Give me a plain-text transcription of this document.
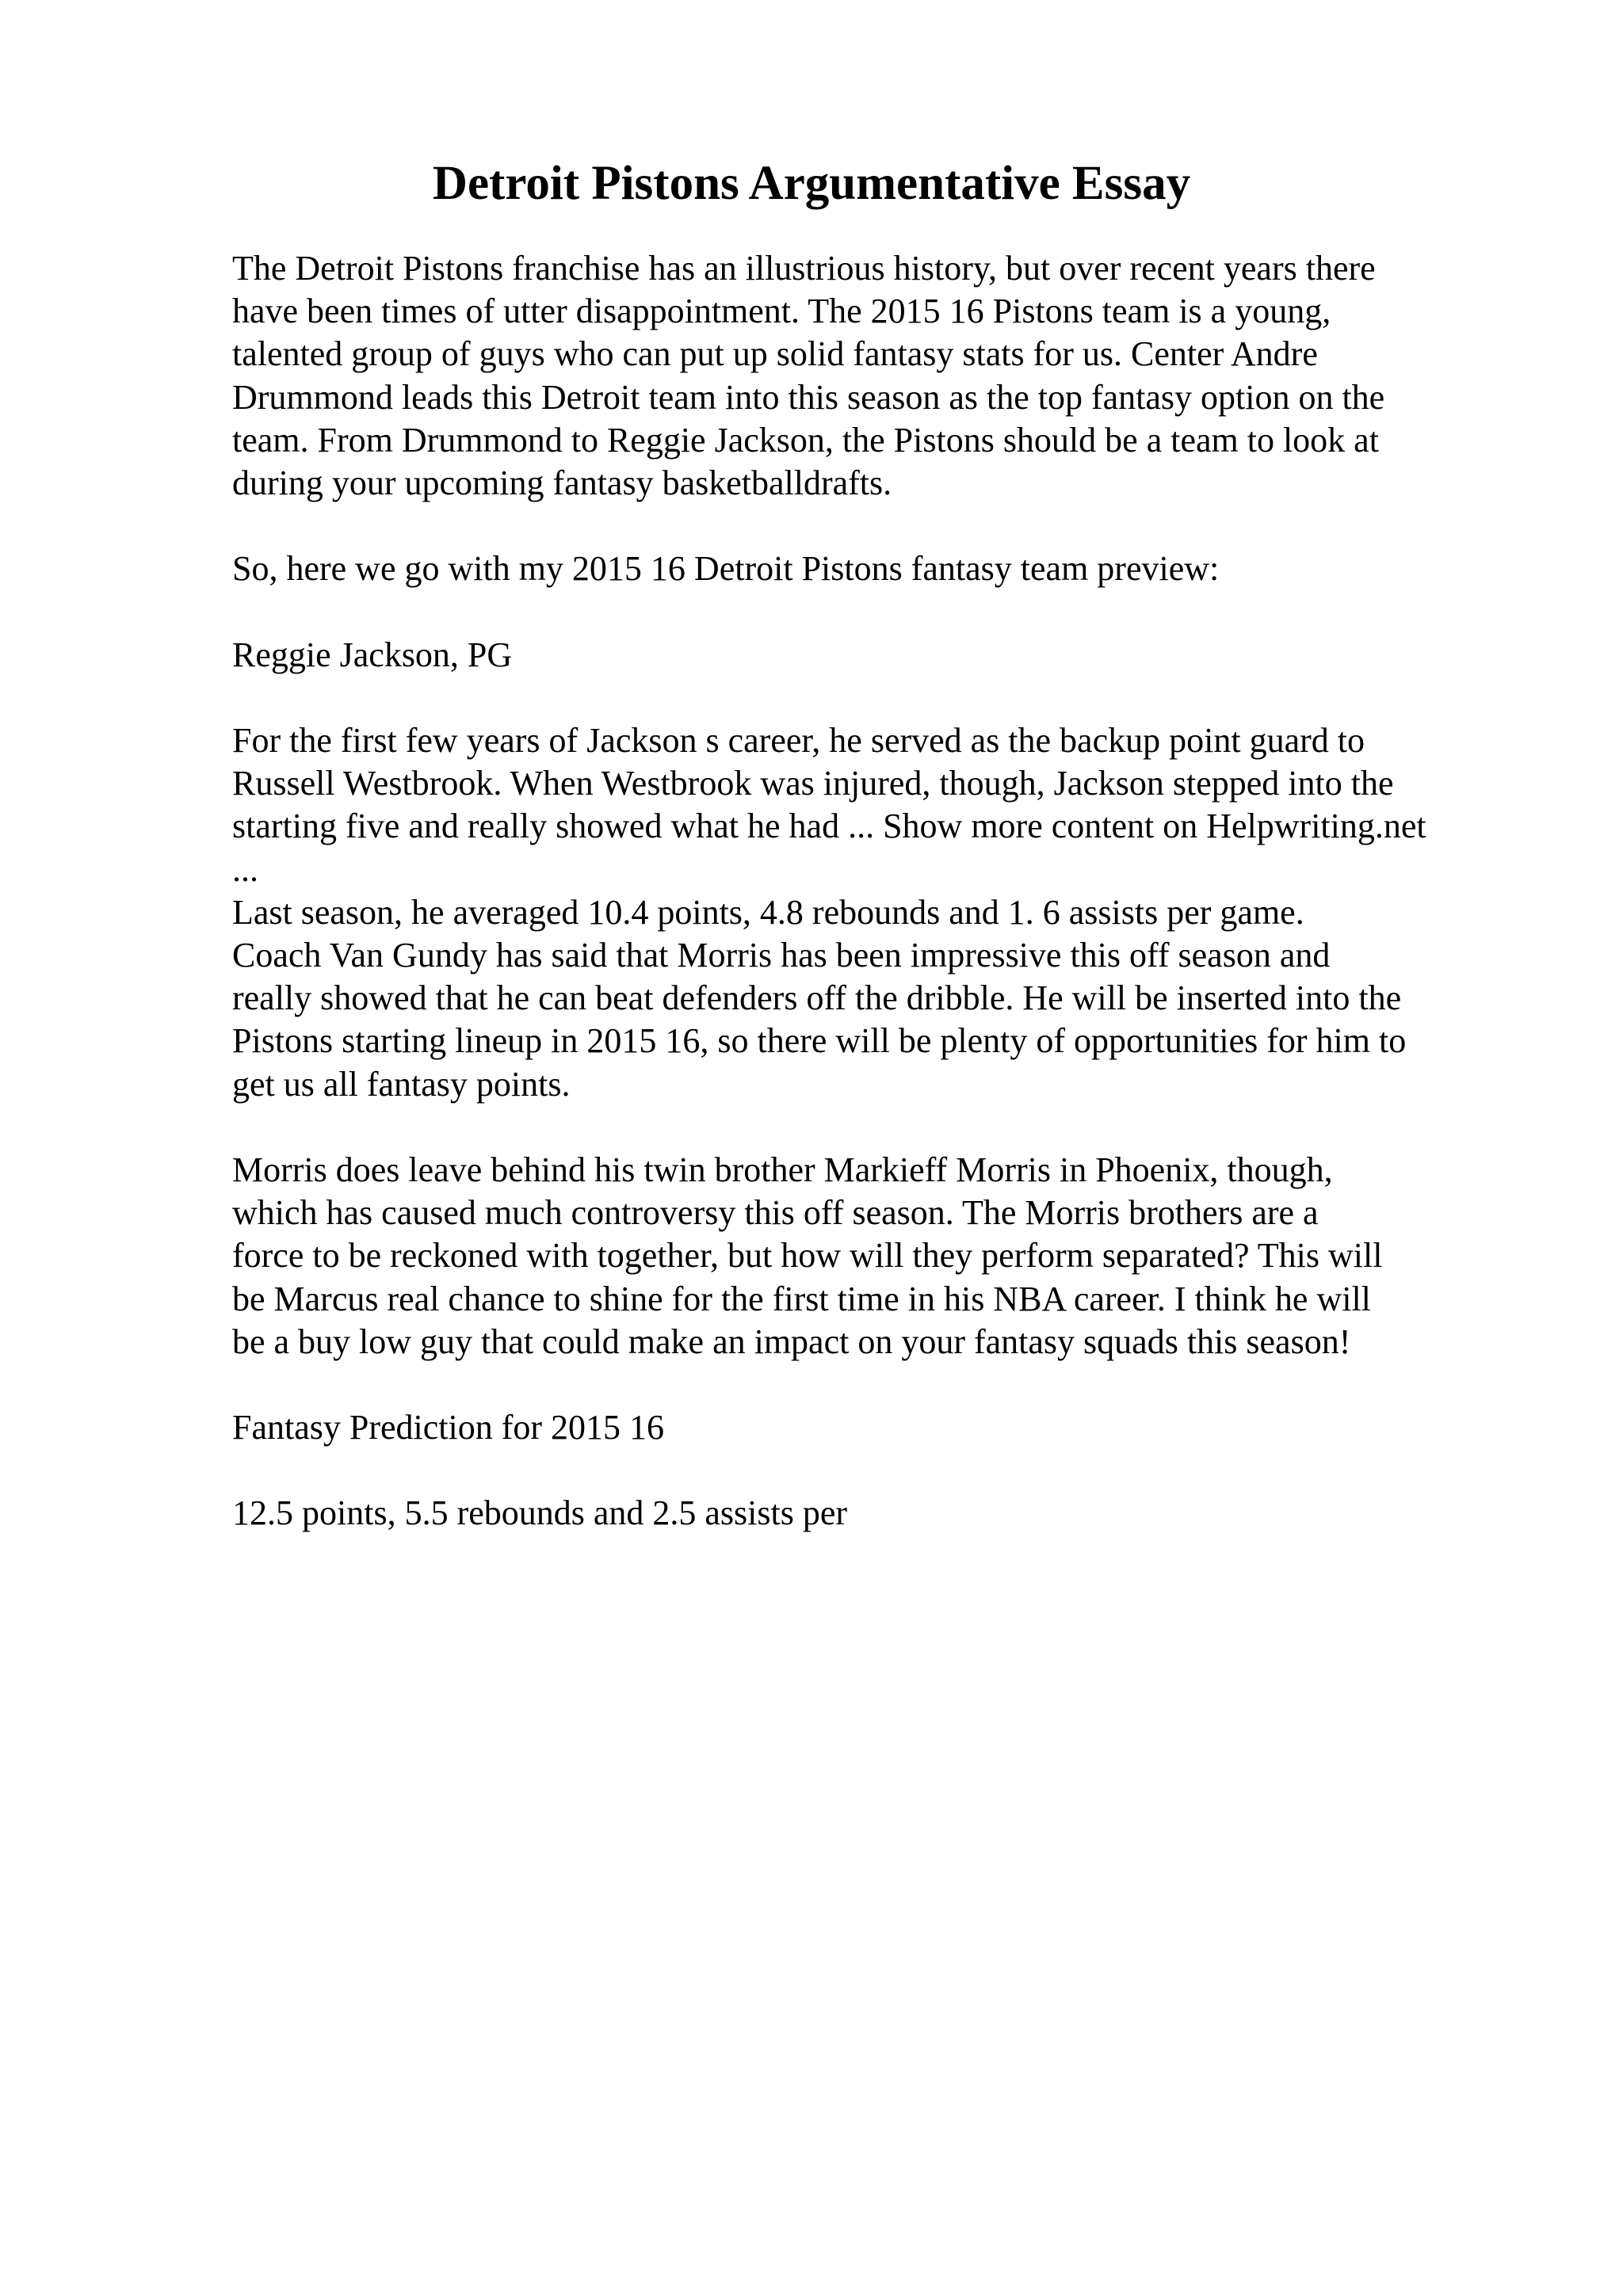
Detroit Pistons Argumentative Essay
The Detroit Pistons franchise has an illustrious history, but over recent years there
have been times of utter disappointment. The 2015 16 Pistons team is a young,
talented group of guys who can put up solid fantasy stats for us. Center Andre
Drummond leads this Detroit team into this season as the top fantasy option on the
team. From Drummond to Reggie Jackson, the Pistons should be a team to look at
during your upcoming fantasy basketballdrafts.
So, here we go with my 2015 16 Detroit Pistons fantasy team preview:
Reggie Jackson, PG
For the first few years of Jackson s career, he served as the backup point guard to
Russell Westbrook. When Westbrook was injured, though, Jackson stepped into the
starting five and really showed what he had ... Show more content on Helpwriting.net
...
Last season, he averaged 10.4 points, 4.8 rebounds and 1. 6 assists per game.
Coach Van Gundy has said that Morris has been impressive this off season and
really showed that he can beat defenders off the dribble. He will be inserted into the
Pistons starting lineup in 2015 16, so there will be plenty of opportunities for him to
get us all fantasy points.
Morris does leave behind his twin brother Markieff Morris in Phoenix, though,
which has caused much controversy this off season. The Morris brothers are a
force to be reckoned with together, but how will they perform separated? This will
be Marcus real chance to shine for the first time in his NBA career. I think he will
be a buy low guy that could make an impact on your fantasy squads this season!
Fantasy Prediction for 2015 16
12.5 points, 5.5 rebounds and 2.5 assists per
